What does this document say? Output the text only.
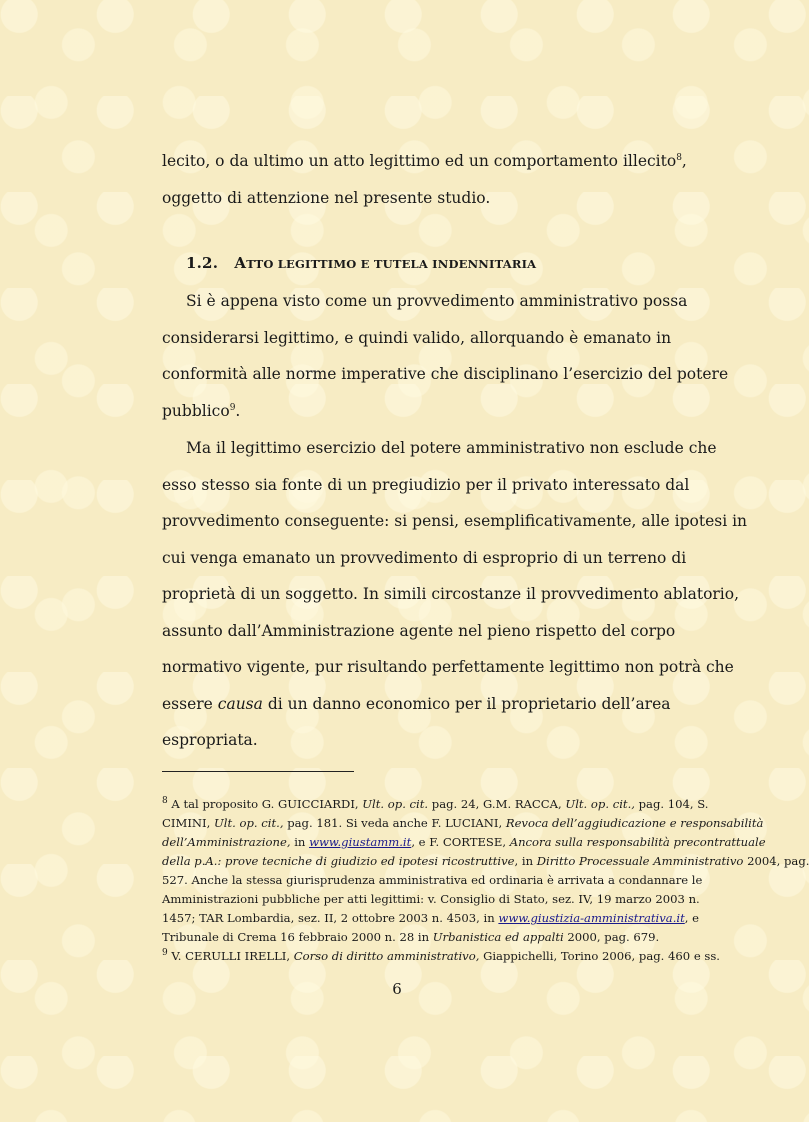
lecito, o da ultimo un atto legittimo ed un comportamento illecito$^8$,
oggetto di attenzione nel presente studio.
1.2. ATTO LEGITTIMO E TUTELA INDENNITARIA
Si è appena visto come un provvedimento amministrativo possa
considerarsi legittimo, e quindi valido, allorquando è emanato in
conformità alle norme imperative che disciplinano l’esercizio del potere
pubblico$^9$.
Ma il legittimo esercizio del potere amministrativo non esclude che
esso stesso sia fonte di un pregiudizio per il privato interessato dal
provvedimento conseguente: si pensi, esemplificativamente, alle ipotesi in
cui venga emanato un provvedimento di esproprio di un terreno di
proprietà di un soggetto. In simili circostanze il provvedimento ablatorio,
assunto dall’Amministrazione agente nel pieno rispetto del corpo
normativo vigente, pur risultando perfettamente legittimo non potrà che
essere causa di un danno economico per il proprietario dell’area
espropriata.
$^8$ A tal proposito G. GUICCIARDI, Ult. op. cit. pag. 24, G.M. RACCA, Ult. op. cit., pag. 104, S.
CIMINI, Ult. op. cit., pag. 181. Si veda anche F. LUCIANI, Revoca dell’aggiudicazione e responsabilità
dell’Amministrazione, in www.giustamm.it, e F. CORTESE, Ancora sulla responsabilità precontrattuale
della p.A.: prove tecniche di giudizio ed ipotesi ricostruttive, in Diritto Processuale Amministrativo 2004, pag.
527. Anche la stessa giurisprudenza amministrativa ed ordinaria è arrivata a condannare le
Amministrazioni pubbliche per atti legittimi: v. Consiglio di Stato, sez. IV, 19 marzo 2003 n.
1457; TAR Lombardia, sez. II, 2 ottobre 2003 n. 4503, in www.giustizia-amministrativa.it, e
Tribunale di Crema 16 febbraio 2000 n. 28 in Urbanistica ed appalti 2000, pag. 679.
$^9$ V. CERULLI IRELLI, Corso di diritto amministrativo, Giappichelli, Torino 2006, pag. 460 e ss.
6
